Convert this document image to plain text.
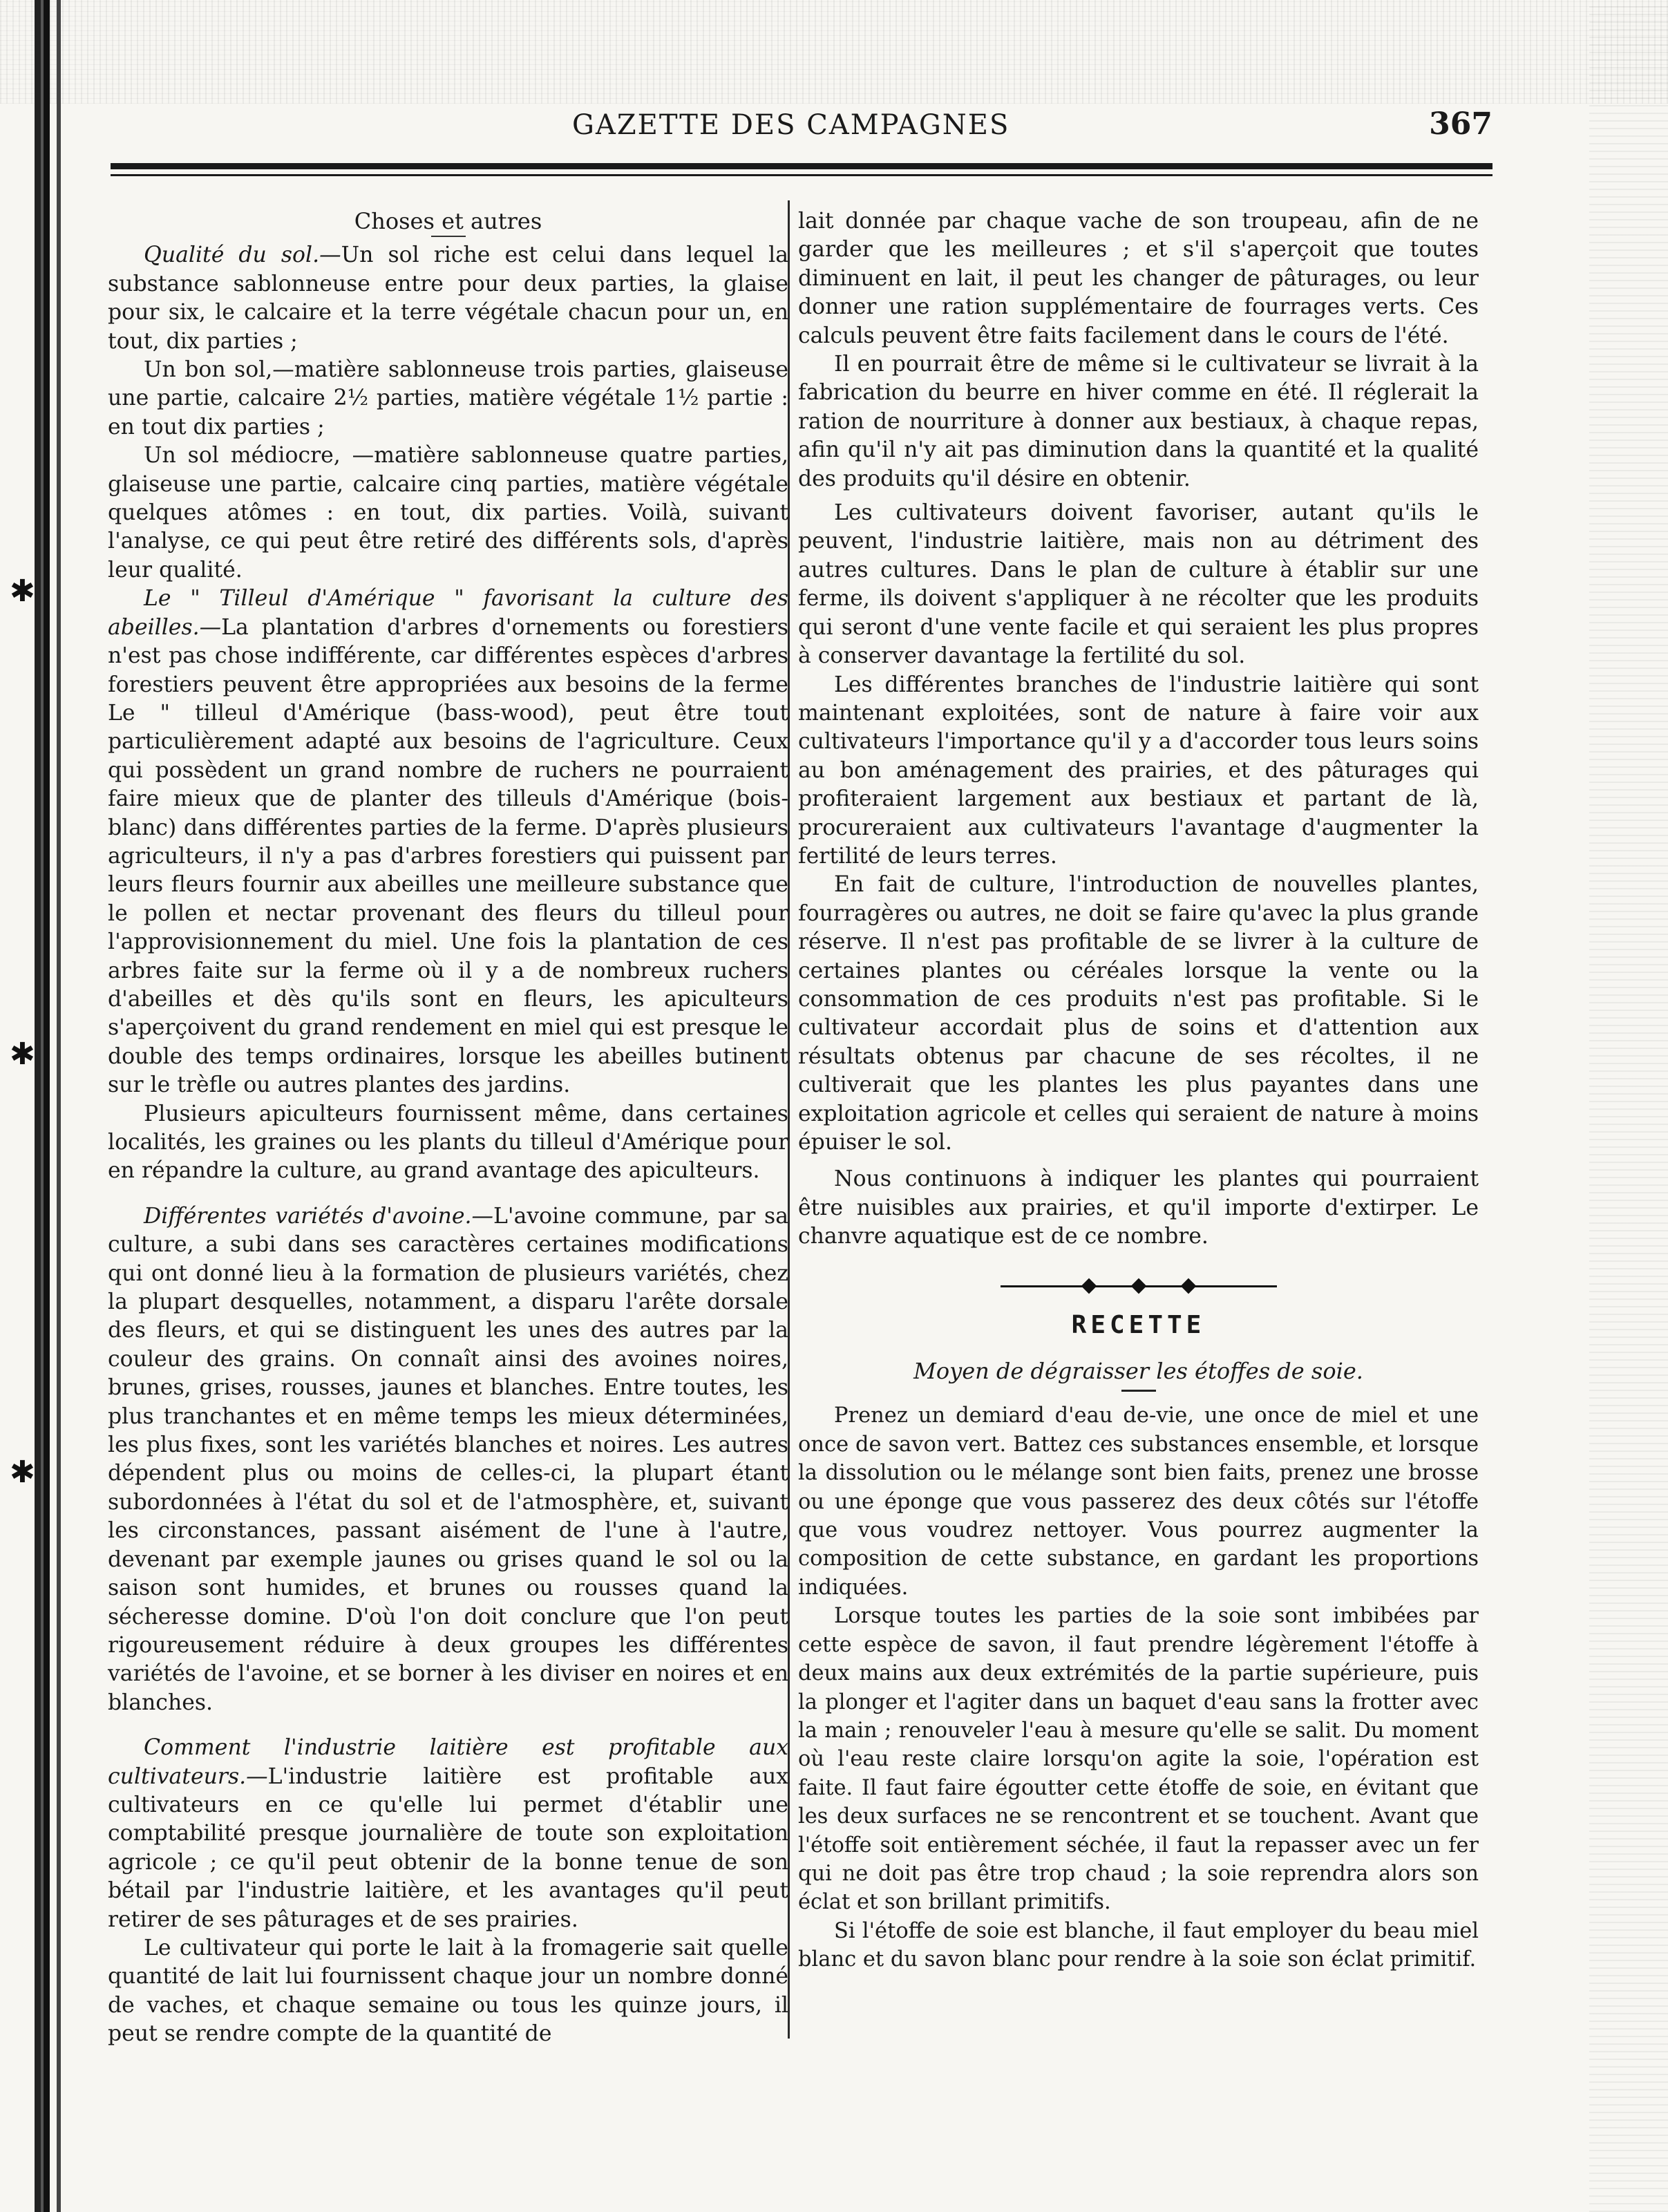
✱
✱
✱
GAZETTE DES CAMPAGNES	367

Choses et autres

Qualité du sol.—Un sol riche est celui dans lequel la substance sablonneuse entre pour deux parties, la glaise pour six, le calcaire et la terre végétale chacun pour un, en tout, dix parties ;

Un bon sol,—matière sablonneuse trois parties, glaiseuse une partie, calcaire 2½ parties, matière végétale 1½ partie : en tout dix parties ;

Un sol médiocre, —matière sablonneuse quatre parties, glaiseuse une partie, calcaire cinq parties, matière végétale quelques atômes : en tout, dix parties. Voilà, suivant l'analyse, ce qui peut être retiré des différents sols, d'après leur qualité.

Le " Tilleul d'Amérique " favorisant la culture des abeilles.—La plantation d'arbres d'ornements ou forestiers n'est pas chose indifférente, car différentes espèces d'arbres forestiers peuvent être appropriées aux besoins de la ferme Le " tilleul d'Amérique (bass-wood), peut être tout particulièrement adapté aux besoins de l'agriculture. Ceux qui possèdent un grand nombre de ruchers ne pourraient faire mieux que de planter des tilleuls d'Amérique (bois-blanc) dans différentes parties de la ferme. D'après plusieurs agriculteurs, il n'y a pas d'arbres forestiers qui puissent par leurs fleurs fournir aux abeilles une meilleure substance que le pollen et nectar provenant des fleurs du tilleul pour l'approvisionnement du miel. Une fois la plantation de ces arbres faite sur la ferme où il y a de nombreux ruchers d'abeilles et dès qu'ils sont en fleurs, les apiculteurs s'aperçoivent du grand rendement en miel qui est presque le double des temps ordinaires, lorsque les abeilles butinent sur le trèfle ou autres plantes des jardins.

Plusieurs apiculteurs fournissent même, dans certaines localités, les graines ou les plants du tilleul d'Amérique pour en répandre la culture, au grand avantage des apiculteurs.

Différentes variétés d'avoine.—L'avoine commune, par sa culture, a subi dans ses caractères certaines modifications qui ont donné lieu à la formation de plusieurs variétés, chez la plupart desquelles, notamment, a disparu l'arête dorsale des fleurs, et qui se distinguent les unes des autres par la couleur des grains. On connaît ainsi des avoines noires, brunes, grises, rousses, jaunes et blanches. Entre toutes, les plus tranchantes et en même temps les mieux déterminées, les plus fixes, sont les variétés blanches et noires. Les autres dépendent plus ou moins de celles-ci, la plupart étant subordonnées à l'état du sol et de l'atmosphère, et, suivant les circonstances, passant aisément de l'une à l'autre, devenant par exemple jaunes ou grises quand le sol ou la saison sont humides, et brunes ou rousses quand la sécheresse domine. D'où l'on doit conclure que l'on peut rigoureusement réduire à deux groupes les différentes variétés de l'avoine, et se borner à les diviser en noires et en blanches.

Comment l'industrie laitière est profitable aux cultivateurs.—L'industrie laitière est profitable aux cultivateurs en ce qu'elle lui permet d'établir une comptabilité presque journalière de toute son exploitation agricole ; ce qu'il peut obtenir de la bonne tenue de son bétail par l'industrie laitière, et les avantages qu'il peut retirer de ses pâturages et de ses prairies.

Le cultivateur qui porte le lait à la fromagerie sait quelle quantité de lait lui fournissent chaque jour un nombre donné de vaches, et chaque semaine ou tous les quinze jours, il peut se rendre compte de la quantité de

lait donnée par chaque vache de son troupeau, afin de ne garder que les meilleures ; et s'il s'aperçoit que toutes diminuent en lait, il peut les changer de pâturages, ou leur donner une ration supplémentaire de fourrages verts. Ces calculs peuvent être faits facilement dans le cours de l'été.

Il en pourrait être de même si le cultivateur se livrait à la fabrication du beurre en hiver comme en été. Il réglerait la ration de nourriture à donner aux bestiaux, à chaque repas, afin qu'il n'y ait pas diminution dans la quantité et la qualité des produits qu'il désire en obtenir.

Les cultivateurs doivent favoriser, autant qu'ils le peuvent, l'industrie laitière, mais non au détriment des autres cultures. Dans le plan de culture à établir sur une ferme, ils doivent s'appliquer à ne récolter que les produits qui seront d'une vente facile et qui seraient les plus propres à conserver davantage la fertilité du sol.

Les différentes branches de l'industrie laitière qui sont maintenant exploitées, sont de nature à faire voir aux cultivateurs l'importance qu'il y a d'accorder tous leurs soins au bon aménagement des prairies, et des pâturages qui profiteraient largement aux bestiaux et partant de là, procureraient aux cultivateurs l'avantage d'augmenter la fertilité de leurs terres.

En fait de culture, l'introduction de nouvelles plantes, fourragères ou autres, ne doit se faire qu'avec la plus grande réserve. Il n'est pas profitable de se livrer à la culture de certaines plantes ou céréales lorsque la vente ou la consommation de ces produits n'est pas profitable. Si le cultivateur accordait plus de soins et d'attention aux résultats obtenus par chacune de ses récoltes, il ne cultiverait que les plantes les plus payantes dans une exploitation agricole et celles qui seraient de nature à moins épuiser le sol.

Nous continuons à indiquer les plantes qui pourraient être nuisibles aux prairies, et qu'il importe d'extirper. Le chanvre aquatique est de ce nombre.

RECETTE
Moyen de dégraisser les étoffes de soie.

Prenez un demiard d'eau de-vie, une once de miel et une once de savon vert. Battez ces substances ensemble, et lorsque la dissolution ou le mélange sont bien faits, prenez une brosse ou une éponge que vous passerez des deux côtés sur l'étoffe que vous voudrez nettoyer. Vous pourrez augmenter la composition de cette substance, en gardant les proportions indiquées.

Lorsque toutes les parties de la soie sont imbibées par cette espèce de savon, il faut prendre légèrement l'étoffe à deux mains aux deux extrémités de la partie supérieure, puis la plonger et l'agiter dans un baquet d'eau sans la frotter avec la main ; renouveler l'eau à mesure qu'elle se salit. Du moment où l'eau reste claire lorsqu'on agite la soie, l'opération est faite. Il faut faire égoutter cette étoffe de soie, en évitant que les deux surfaces ne se rencontrent et se touchent. Avant que l'étoffe soit entièrement séchée, il faut la repasser avec un fer qui ne doit pas être trop chaud ; la soie reprendra alors son éclat et son brillant primitifs.

Si l'étoffe de soie est blanche, il faut employer du beau miel blanc et du savon blanc pour rendre à la soie son éclat primitif.
